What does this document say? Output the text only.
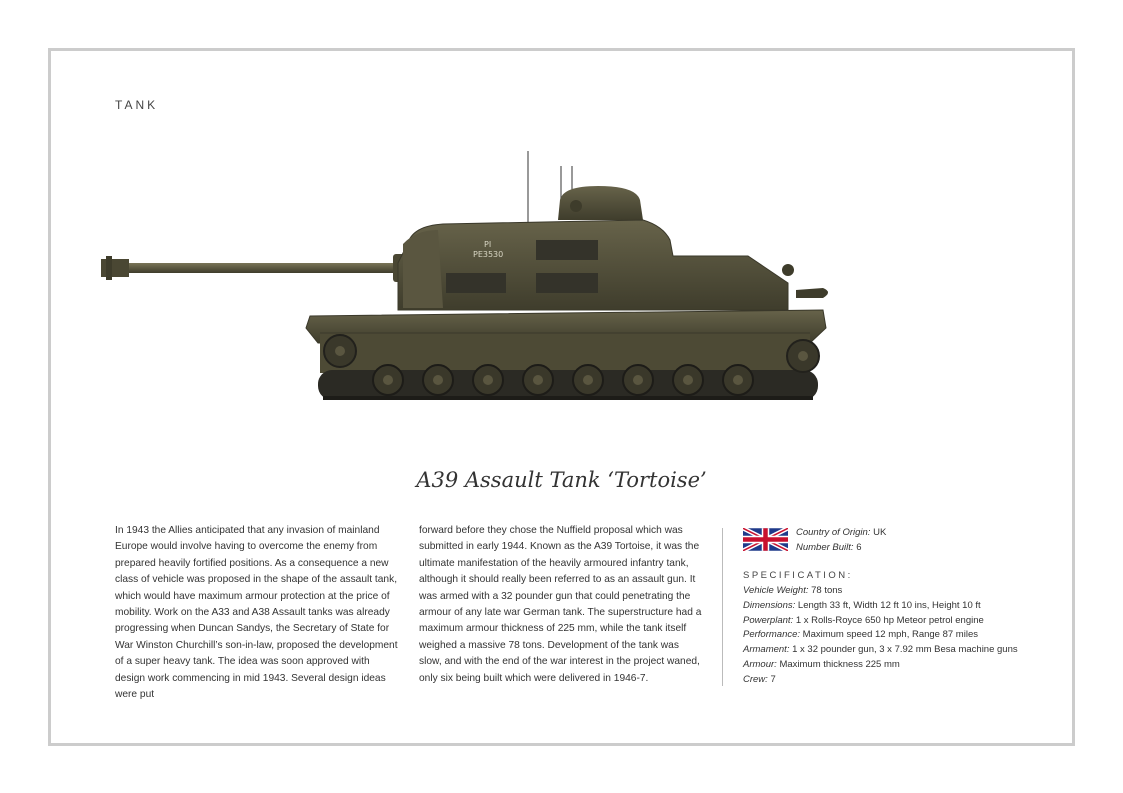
TANK
PI
PE3530
A39 Assault Tank ‘Tortoise’
In 1943 the Allies anticipated that any invasion of mainland Europe would involve having to overcome the enemy from prepared heavily fortified positions. As a consequence a new class of vehicle was proposed in the shape of the assault tank, which would have maximum armour protection at the price of mobility. Work on the A33 and A38 Assault tanks was already progressing when Duncan Sandys, the Secretary of State for War Winston Churchill’s son-in-law, proposed the development of a super heavy tank. The idea was soon approved with design work commencing in mid 1943. Several design ideas were put
forward before they chose the Nuffield proposal which was submitted in early 1944. Known as the A39 Tortoise, it was the ultimate manifestation of the heavily armoured infantry tank, although it should really been referred to as an assault gun. It was armed with a 32 pounder gun that could penetrating the armour of any late war German tank. The superstructure had a maximum armour thickness of 225 mm, while the tank itself weighed a massive 78 tons. Development of the tank was slow, and with the end of the war interest in the project waned, only six being built which were delivered in 1946-7.
Country of Origin: UK
Number Built: 6
SPECIFICATION:
Vehicle Weight: 78 tons
Dimensions: Length 33 ft, Width 12 ft 10 ins, Height 10 ft
Powerplant: 1 x Rolls-Royce 650 hp Meteor petrol engine
Performance: Maximum speed 12 mph, Range 87 miles
Armament: 1 x 32 pounder gun, 3 x 7.92 mm Besa machine guns
Armour: Maximum thickness 225 mm
Crew: 7
